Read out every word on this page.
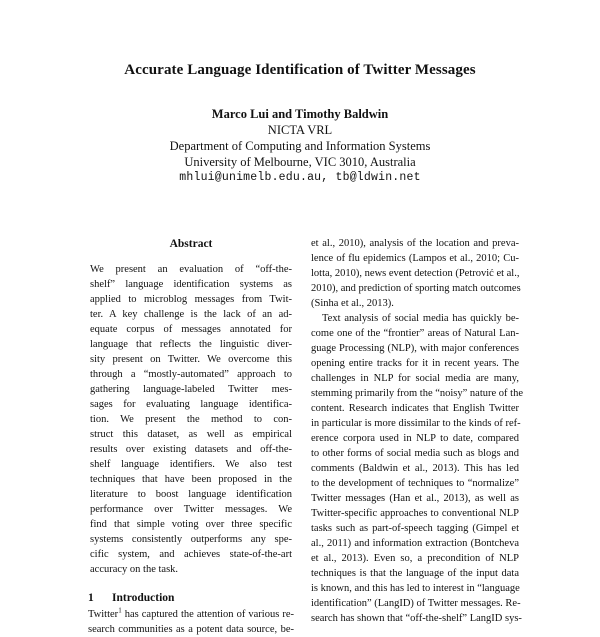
Accurate Language Identification of Twitter Messages
Marco Lui and Timothy Baldwin
NICTA VRL
Department of Computing and Information Systems
University of Melbourne, VIC 3010, Australia
mhlui@unimelb.edu.au, tb@ldwin.net
Abstract
We present an evaluation of “off-the-
shelf” language identification systems as
applied to microblog messages from Twit-
ter. A key challenge is the lack of an ad-
equate corpus of messages annotated for
language that reflects the linguistic diver-
sity present on Twitter. We overcome this
through a “mostly-automated” approach to
gathering language-labeled Twitter mes-
sages for evaluating language identifica-
tion. We present the method to con-
struct this dataset, as well as empirical
results over existing datasets and off-the-
shelf language identifiers. We also test
techniques that have been proposed in the
literature to boost language identification
performance over Twitter messages. We
find that simple voting over three specific
systems consistently outperforms any spe-
cific system, and achieves state-of-the-art
accuracy on the task.
1 Introduction
Twitter$^1$ has captured the attention of various re-
search communities as a potent data source, be-
et al., 2010), analysis of the location and preva-
lence of flu epidemics (Lampos et al., 2010; Cu-
lotta, 2010), news event detection (Petrović et al.,
2010), and prediction of sporting match outcomes
(Sinha et al., 2013).
Text analysis of social media has quickly be-
come one of the “frontier” areas of Natural Lan-
guage Processing (NLP), with major conferences
opening entire tracks for it in recent years. The
challenges in NLP for social media are many,
stemming primarily from the “noisy” nature of the
content. Research indicates that English Twitter
in particular is more dissimilar to the kinds of ref-
erence corpora used in NLP to date, compared
to other forms of social media such as blogs and
comments (Baldwin et al., 2013). This has led
to the development of techniques to “normalize”
Twitter messages (Han et al., 2013), as well as
Twitter-specific approaches to conventional NLP
tasks such as part-of-speech tagging (Gimpel et
al., 2011) and information extraction (Bontcheva
et al., 2013). Even so, a precondition of NLP
techniques is that the language of the input data
is known, and this has led to interest in “language
identification” (LangID) of Twitter messages. Re-
search has shown that “off-the-shelf” LangID sys-
